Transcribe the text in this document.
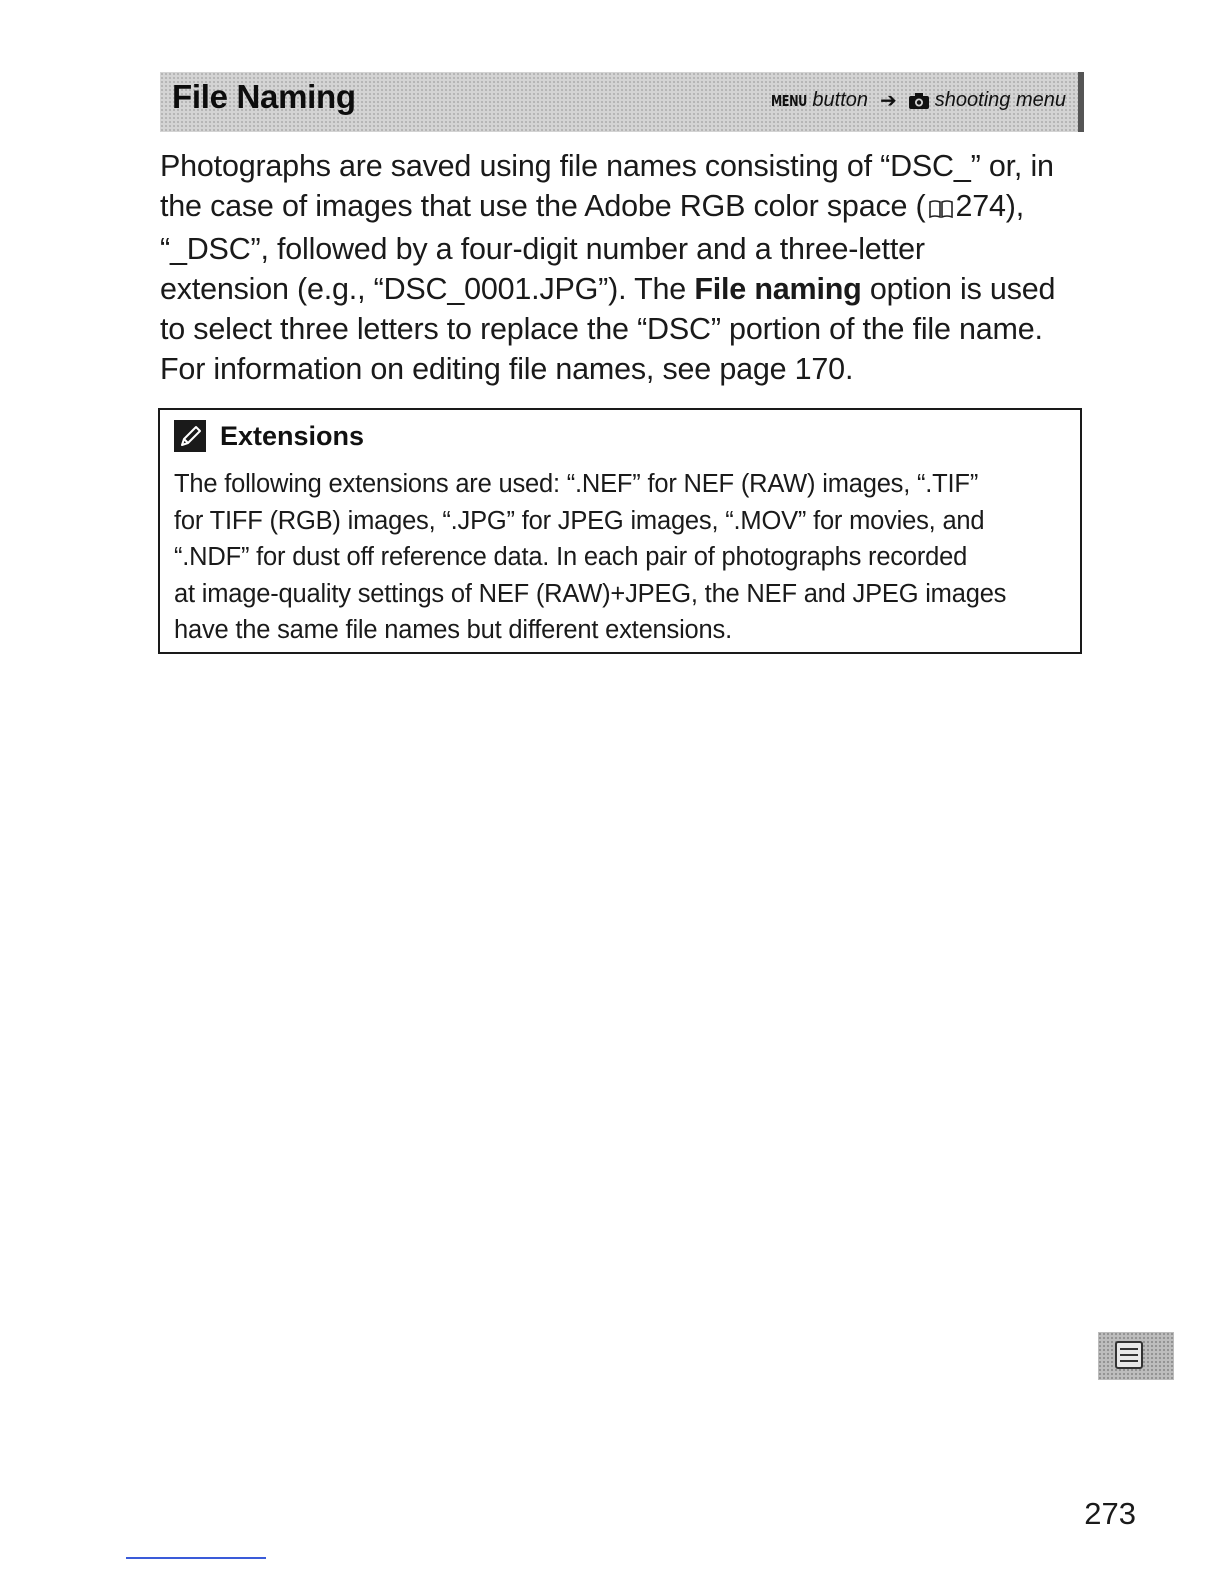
File Naming	MENU button ➔ shooting menu
Photographs are saved using file names consisting of “DSC_” or, in
the case of images that use the Adobe RGB color space ( 274),
“_DSC”, followed by a four-digit number and a three-letter
extension (e.g., “DSC_0001.JPG”). The File naming option is used
to select three letters to replace the “DSC” portion of the file name.
For information on editing file names, see page 170.
Extensions
The following extensions are used: “.NEF” for NEF (RAW) images, “.TIF”
for TIFF (RGB) images, “.JPG” for JPEG images, “.MOV” for movies, and
“.NDF” for dust off reference data. In each pair of photographs recorded
at image-quality settings of NEF (RAW)+JPEG, the NEF and JPEG images
have the same file names but different extensions.
273
